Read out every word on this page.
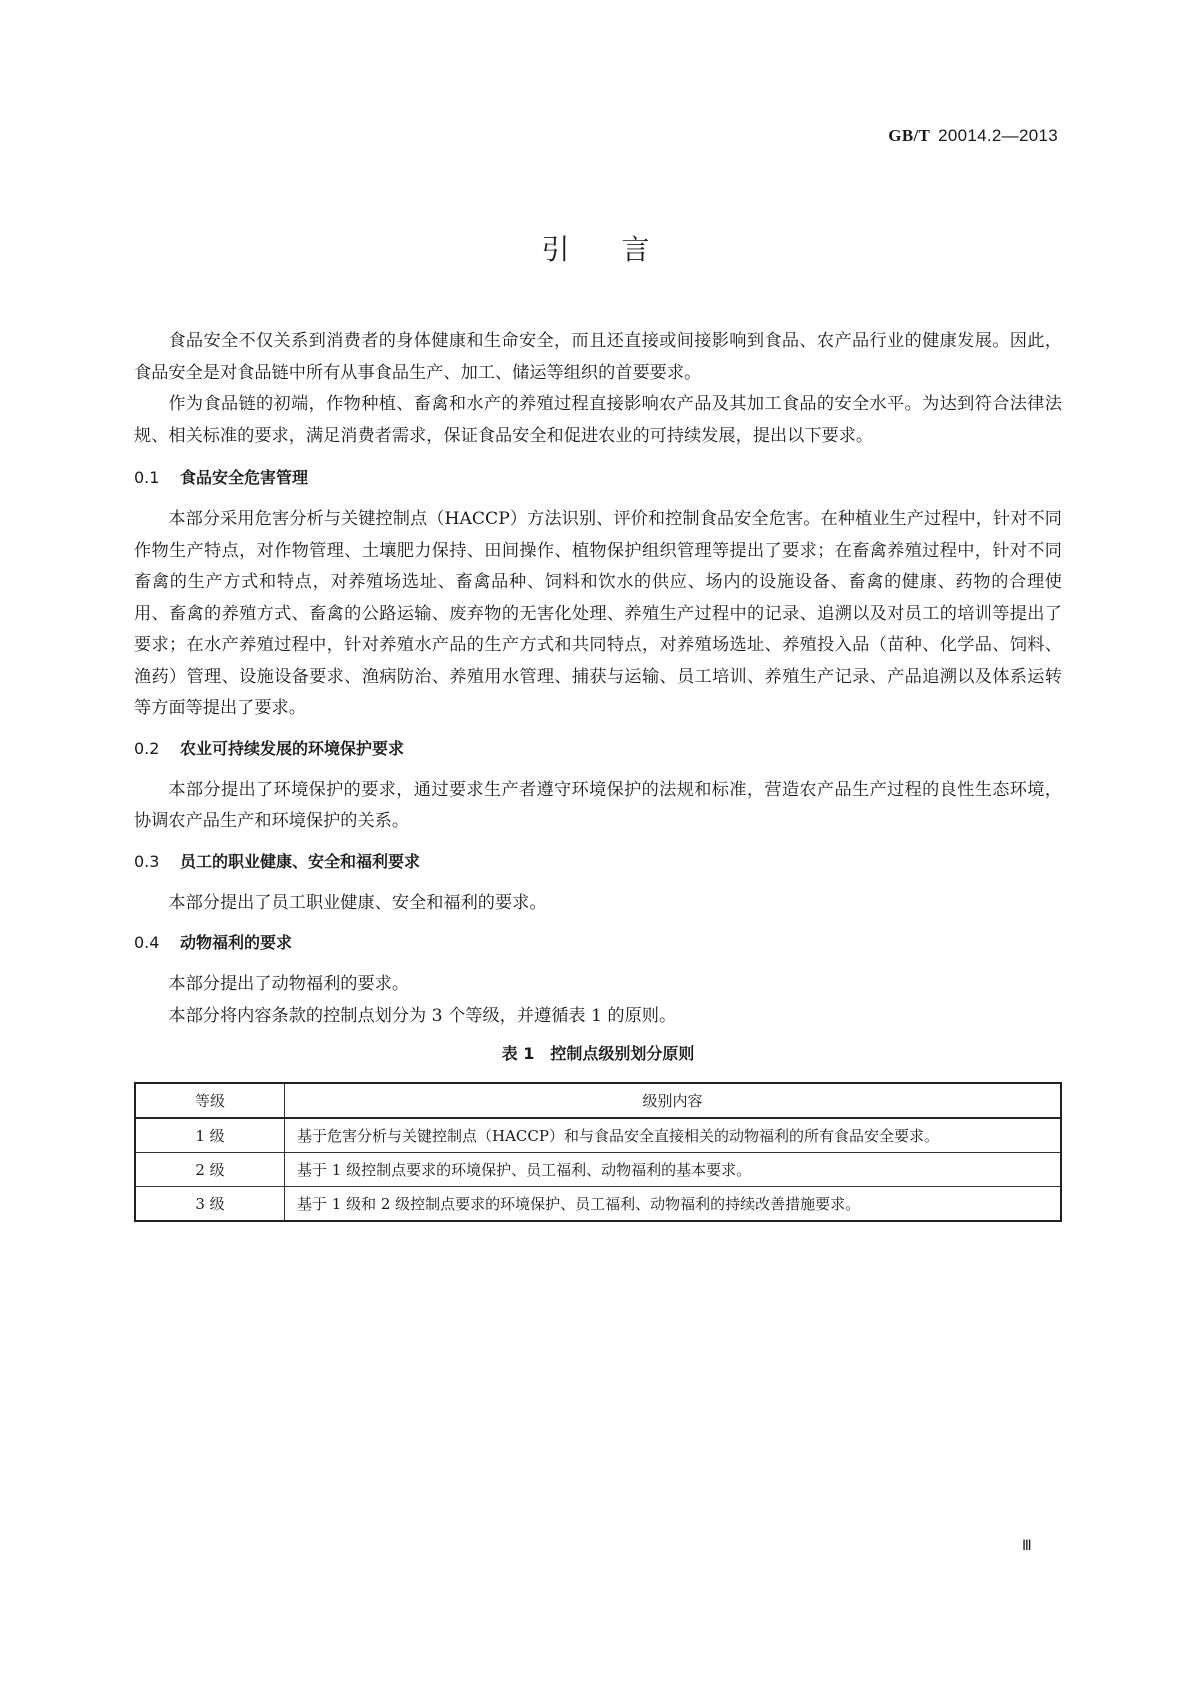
GB/T 20014.2—2013
引言

食品安全不仅关系到消费者的身体健康和生命安全，而且还直接或间接影响到食品、农产品行业的健康发展。因此，食品安全是对食品链中所有从事食品生产、加工、储运等组织的首要要求。

作为食品链的初端，作物种植、畜禽和水产的养殖过程直接影响农产品及其加工食品的安全水平。为达到符合法律法规、相关标准的要求，满足消费者需求，保证食品安全和促进农业的可持续发展，提出以下要求。

0.1	食品安全危害管理

本部分采用危害分析与关键控制点（HACCP）方法识别、评价和控制食品安全危害。在种植业生产过程中，针对不同作物生产特点，对作物管理、土壤肥力保持、田间操作、植物保护组织管理等提出了要求；在畜禽养殖过程中，针对不同畜禽的生产方式和特点，对养殖场选址、畜禽品种、饲料和饮水的供应、场内的设施设备、畜禽的健康、药物的合理使用、畜禽的养殖方式、畜禽的公路运输、废弃物的无害化处理、养殖生产过程中的记录、追溯以及对员工的培训等提出了要求；在水产养殖过程中，针对养殖水产品的生产方式和共同特点，对养殖场选址、养殖投入品（苗种、化学品、饲料、渔药）管理、设施设备要求、渔病防治、养殖用水管理、捕获与运输、员工培训、养殖生产记录、产品追溯以及体系运转等方面等提出了要求。

0.2	农业可持续发展的环境保护要求

本部分提出了环境保护的要求，通过要求生产者遵守环境保护的法规和标准，营造农产品生产过程的良性生态环境，协调农产品生产和环境保护的关系。

0.3	员工的职业健康、安全和福利要求

本部分提出了员工职业健康、安全和福利的要求。

0.4	动物福利的要求

本部分提出了动物福利的要求。

本部分将内容条款的控制点划分为 3 个等级，并遵循表 1 的原则。

表 1 控制点级别划分原则
等级	级别内容
1 级	基于危害分析与关键控制点（HACCP）和与食品安全直接相关的动物福利的所有食品安全要求。
2 级	基于 1 级控制点要求的环境保护、员工福利、动物福利的基本要求。
3 级	基于 1 级和 2 级控制点要求的环境保护、员工福利、动物福利的持续改善措施要求。
Ⅲ
